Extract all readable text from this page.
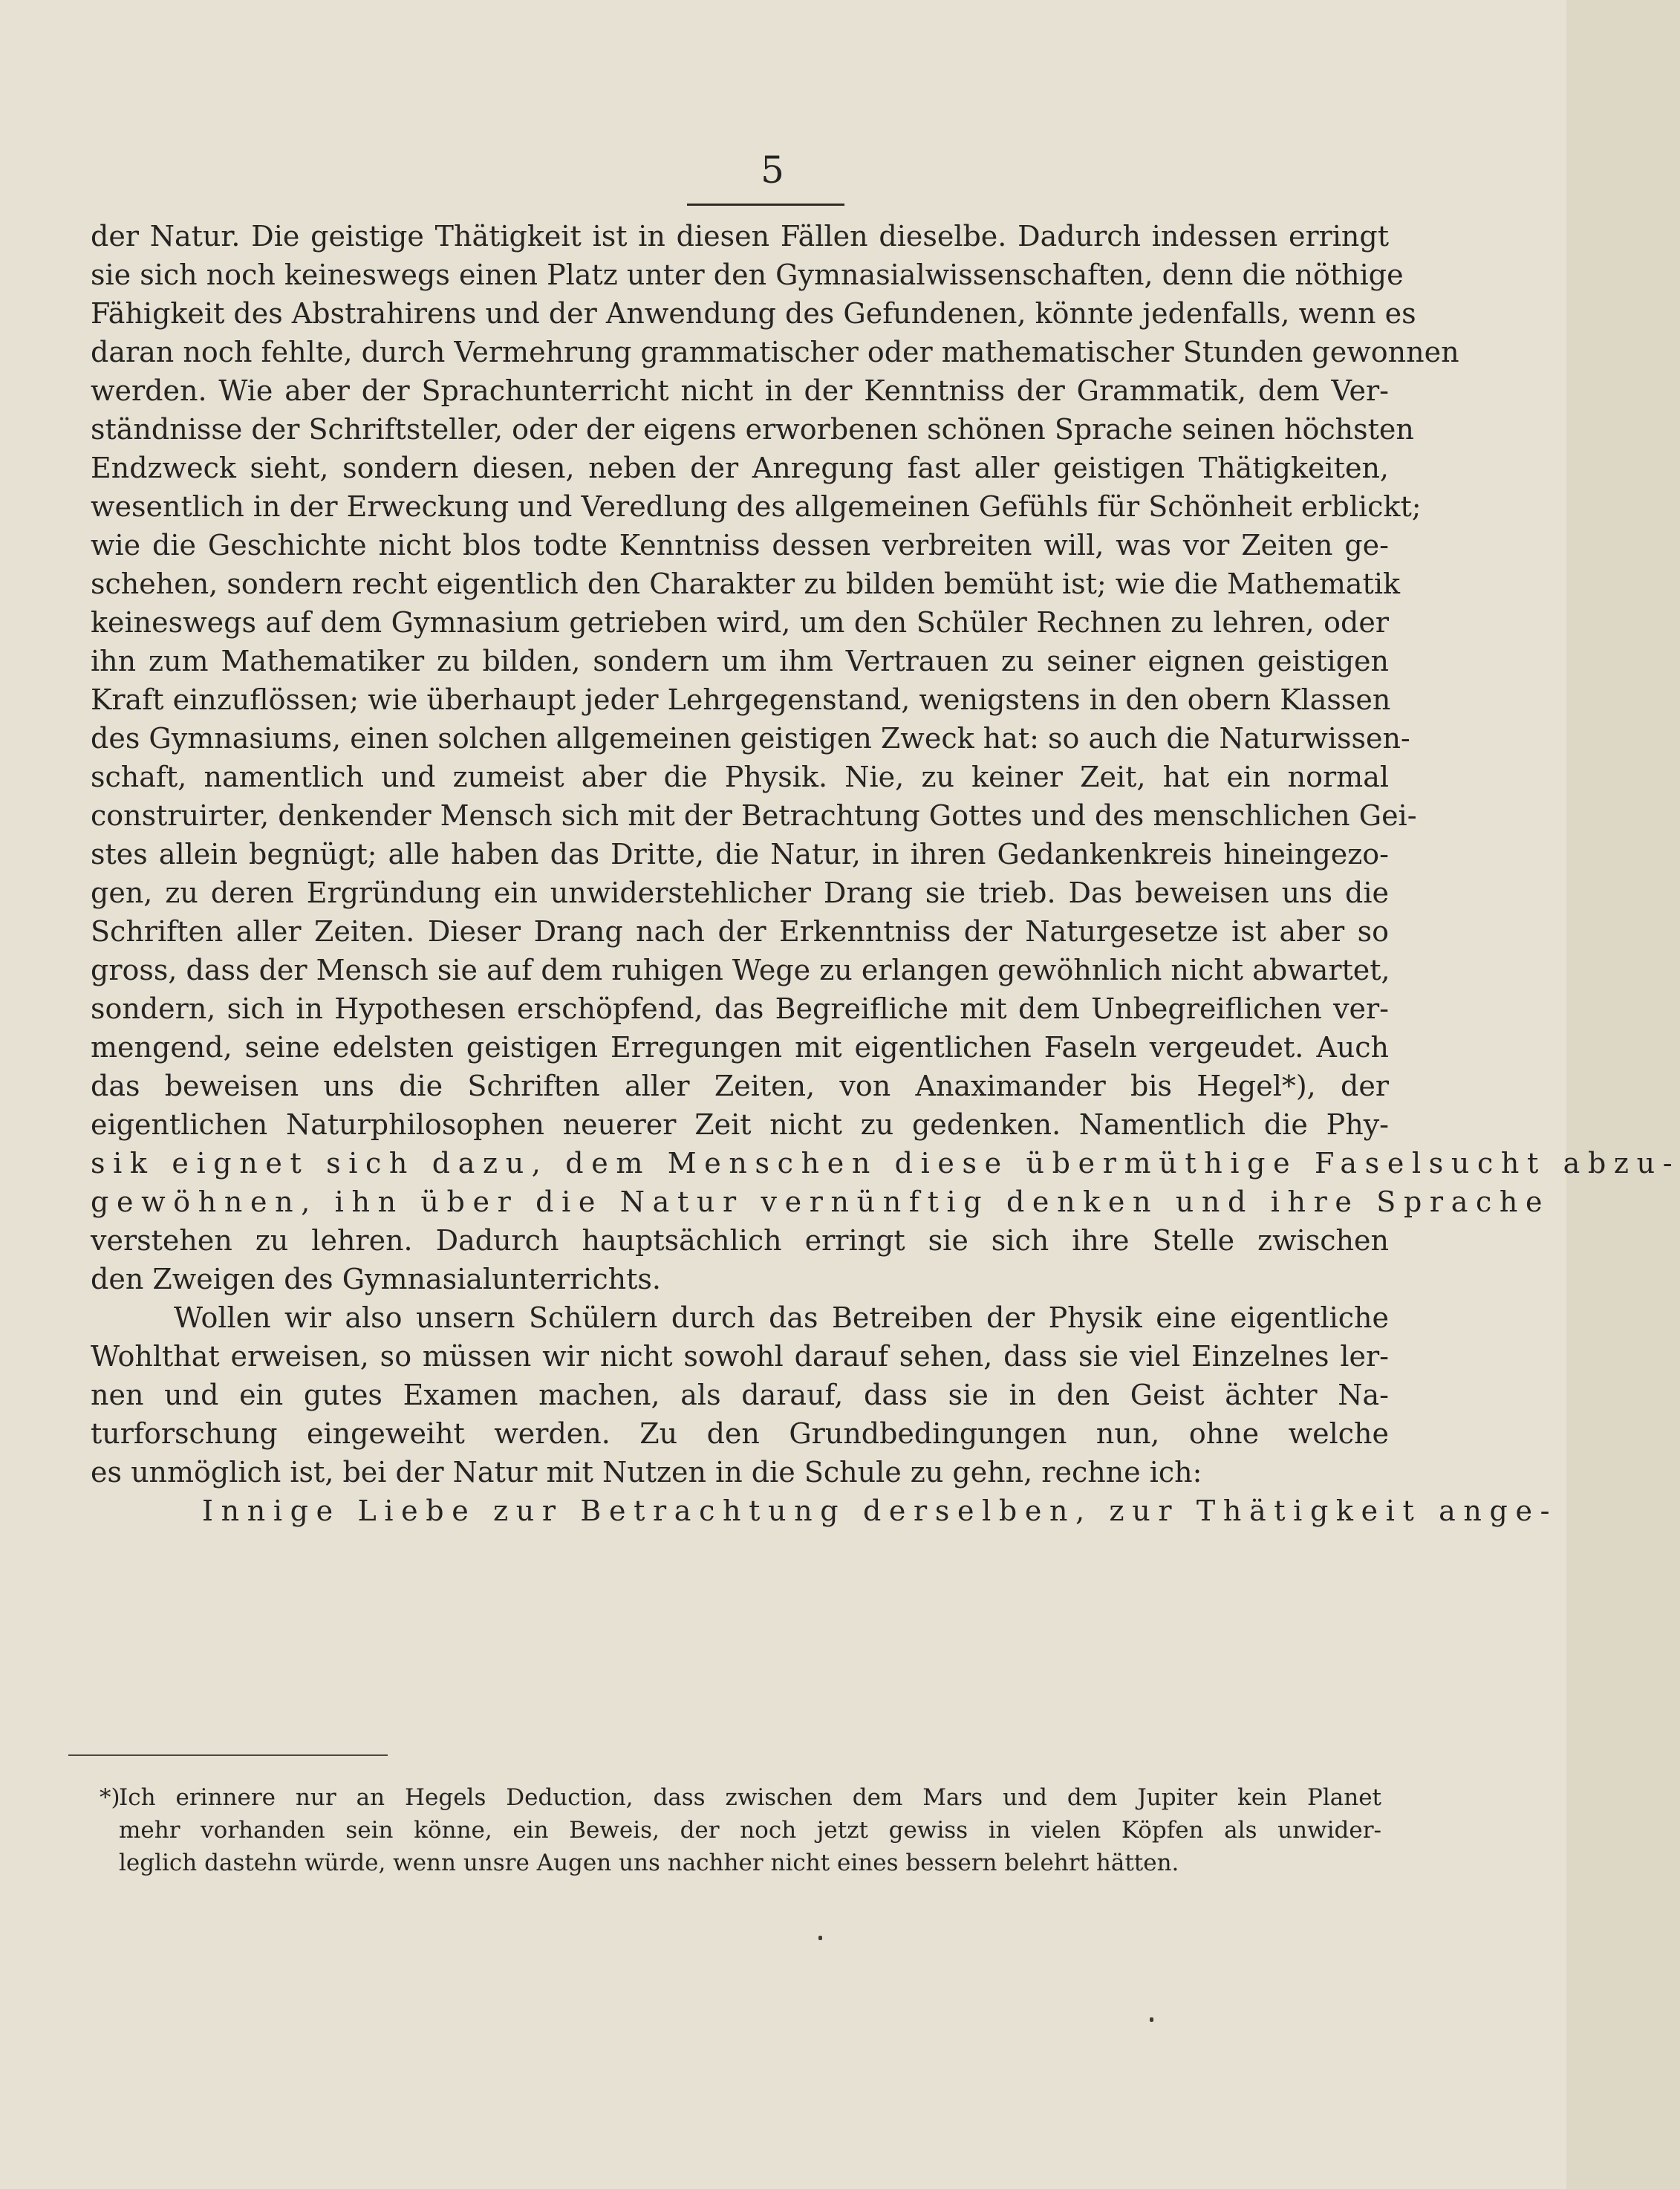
5
der Natur. Die geistige Thätigkeit ist in diesen Fällen dieselbe. Dadurch indessen erringt
sie sich noch keineswegs einen Platz unter den Gymnasialwissenschaften, denn die nöthige
Fähigkeit des Abstrahirens und der Anwendung des Gefundenen, könnte jedenfalls, wenn es
daran noch fehlte, durch Vermehrung grammatischer oder mathematischer Stunden gewonnen
werden. Wie aber der Sprachunterricht nicht in der Kenntniss der Grammatik, dem Ver-
ständnisse der Schriftsteller, oder der eigens erworbenen schönen Sprache seinen höchsten
Endzweck sieht, sondern diesen, neben der Anregung fast aller geistigen Thätigkeiten,
wesentlich in der Erweckung und Veredlung des allgemeinen Gefühls für Schönheit erblickt;
wie die Geschichte nicht blos todte Kenntniss dessen verbreiten will, was vor Zeiten ge-
schehen, sondern recht eigentlich den Charakter zu bilden bemüht ist; wie die Mathematik
keineswegs auf dem Gymnasium getrieben wird, um den Schüler Rechnen zu lehren, oder
ihn zum Mathematiker zu bilden, sondern um ihm Vertrauen zu seiner eignen geistigen
Kraft einzuflössen; wie überhaupt jeder Lehrgegenstand, wenigstens in den obern Klassen
des Gymnasiums, einen solchen allgemeinen geistigen Zweck hat: so auch die Naturwissen-
schaft, namentlich und zumeist aber die Physik. Nie, zu keiner Zeit, hat ein normal
construirter, denkender Mensch sich mit der Betrachtung Gottes und des menschlichen Gei-
stes allein begnügt; alle haben das Dritte, die Natur, in ihren Gedankenkreis hineingezo-
gen, zu deren Ergründung ein unwiderstehlicher Drang sie trieb. Das beweisen uns die
Schriften aller Zeiten. Dieser Drang nach der Erkenntniss der Naturgesetze ist aber so
gross, dass der Mensch sie auf dem ruhigen Wege zu erlangen gewöhnlich nicht abwartet,
sondern, sich in Hypothesen erschöpfend, das Begreifliche mit dem Unbegreiflichen ver-
mengend, seine edelsten geistigen Erregungen mit eigentlichen Faseln vergeudet. Auch
das beweisen uns die Schriften aller Zeiten, von Anaximander bis Hegel*), der
eigentlichen Naturphilosophen neuerer Zeit nicht zu gedenken. Namentlich die Phy-
sik eignet sich dazu, dem Menschen diese übermüthige Faselsucht abzu-
gewöhnen, ihn über die Natur vernünftig denken und ihre Sprache
verstehen zu lehren. Dadurch hauptsächlich erringt sie sich ihre Stelle zwischen
den Zweigen des Gymnasialunterrichts.
Wollen wir also unsern Schülern durch das Betreiben der Physik eine eigentliche
Wohlthat erweisen, so müssen wir nicht sowohl darauf sehen, dass sie viel Einzelnes ler-
nen und ein gutes Examen machen, als darauf, dass sie in den Geist ächter Na-
turforschung eingeweiht werden. Zu den Grundbedingungen nun, ohne welche
es unmöglich ist, bei der Natur mit Nutzen in die Schule zu gehn, rechne ich:
Innige Liebe zur Betrachtung derselben, zur Thätigkeit ange-
*)
Ich erinnere nur an Hegels Deduction, dass zwischen dem Mars und dem Jupiter kein Planet
mehr vorhanden sein könne, ein Beweis, der noch jetzt gewiss in vielen Köpfen als unwider-
leglich dastehn würde, wenn unsre Augen uns nachher nicht eines bessern belehrt hätten.
